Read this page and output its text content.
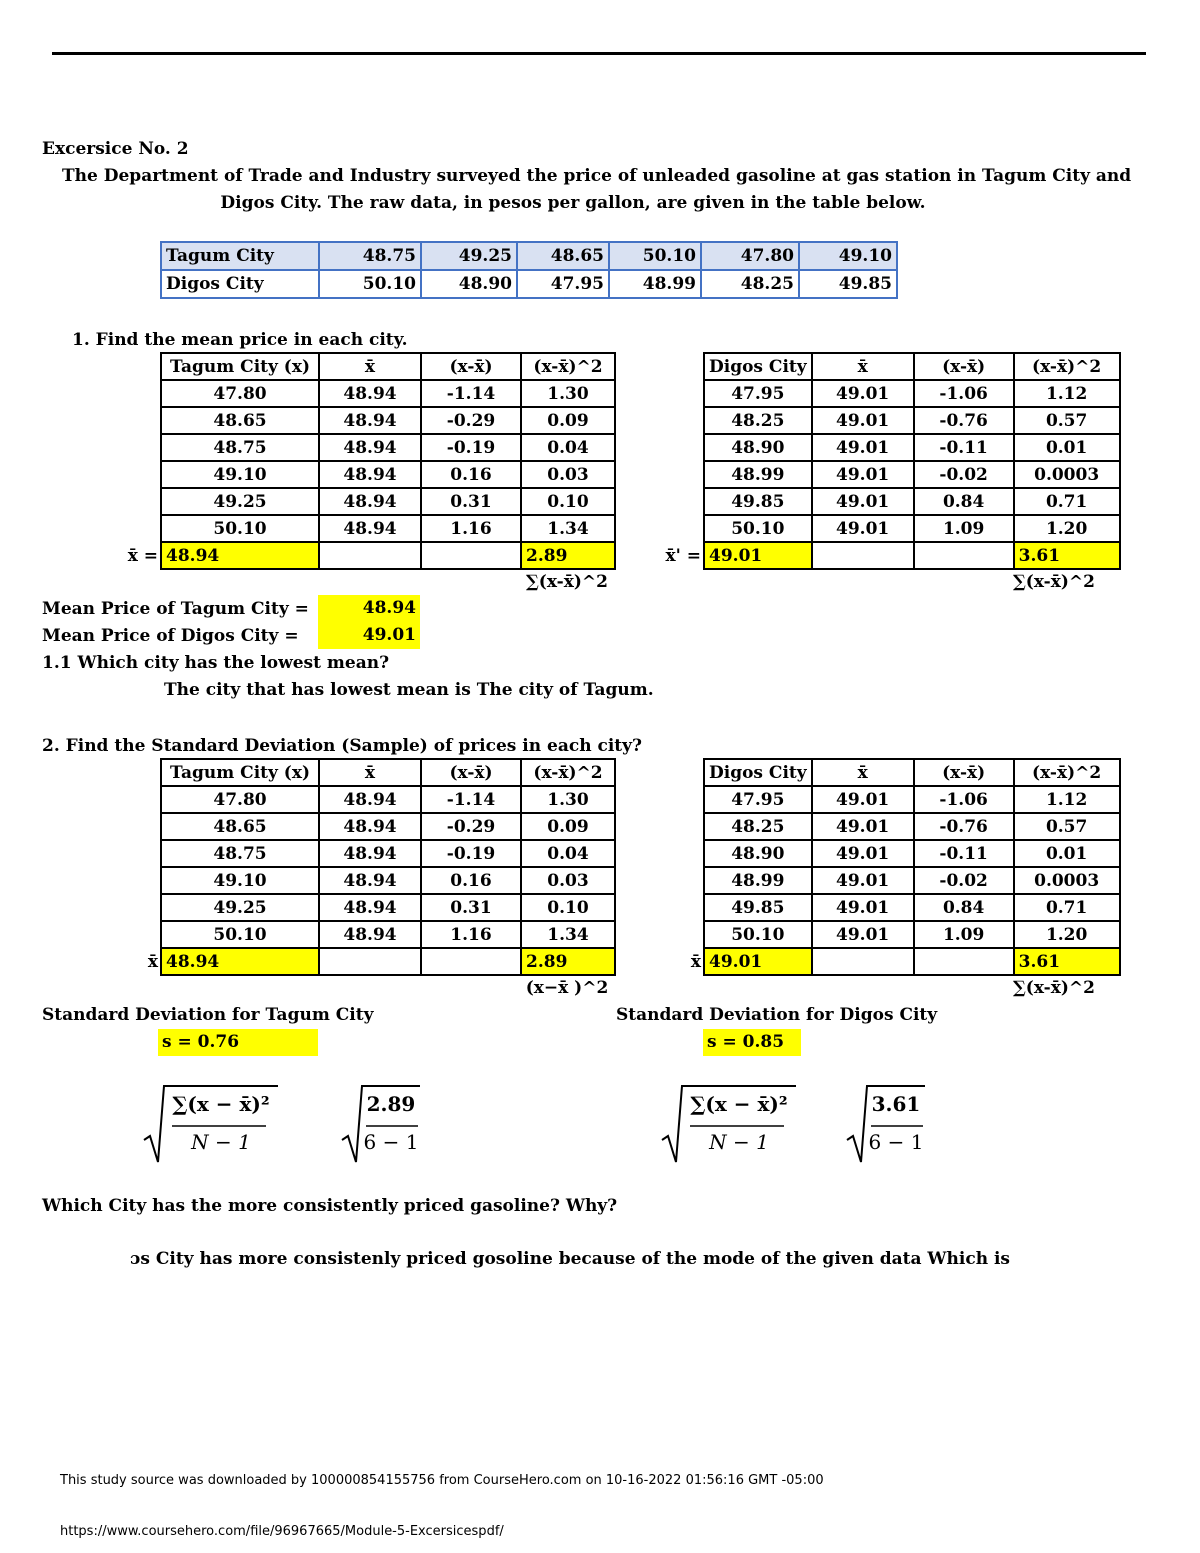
Excersice No. 2
The Department of Trade and Industry surveyed the price of unleaded gasoline at gas station in Tagum City and
Digos City. The raw data, in pesos per gallon, are given in the table below.
Tagum City	48.75	49.25	48.65	50.10	47.80	49.10
Digos City	50.10	48.90	47.95	48.99	48.25	49.85
1. Find the mean price in each city.
Tagum City (x)	x̄	(x-x̄)	(x-x̄)^2
47.80	48.94	-1.14	1.30
48.65	48.94	-0.29	0.09
48.75	48.94	-0.19	0.04
49.10	48.94	0.16	0.03
49.25	48.94	0.31	0.10
50.10	48.94	1.16	1.34
48.94			2.89
x̄ =
∑(x-x̄)^2
Digos City	x̄	(x-x̄)	(x-x̄)^2
47.95	49.01	-1.06	1.12
48.25	49.01	-0.76	0.57
48.90	49.01	-0.11	0.01
48.99	49.01	-0.02	0.0003
49.85	49.01	0.84	0.71
50.10	49.01	1.09	1.20
49.01			3.61
x̄' =
∑(x-x̄)^2
Mean Price of Tagum City =	48.94
Mean Price of Digos City =	49.01
1.1 Which city has the lowest mean?
The city that has lowest mean is The city of Tagum.
2. Find the Standard Deviation (Sample) of prices in each city?
Tagum City (x)	x̄	(x-x̄)	(x-x̄)^2
47.80	48.94	-1.14	1.30
48.65	48.94	-0.29	0.09
48.75	48.94	-0.19	0.04
49.10	48.94	0.16	0.03
49.25	48.94	0.31	0.10
50.10	48.94	1.16	1.34
48.94			2.89
x̄
(x−x̄ )^2
Digos City	x̄	(x-x̄)	(x-x̄)^2
47.95	49.01	-1.06	1.12
48.25	49.01	-0.76	0.57
48.90	49.01	-0.11	0.01
48.99	49.01	-0.02	0.0003
49.85	49.01	0.84	0.71
50.10	49.01	1.09	1.20
49.01			3.61
x̄
∑(x-x̄)^2
Standard Deviation for Tagum City
s = 0.76
Standard Deviation for Digos City
s = 0.85
∑(x − x̄)²
N − 1
2.89
6 − 1
∑(x − x̄)²
N − 1
3.61
6 − 1
Which City has the more consistently priced gasoline? Why?
ɔs City has more consistenly priced gosoline because of the mode of the given data Which is
This study source was downloaded by 100000854155756 from CourseHero.com on 10-16-2022 01:56:16 GMT -05:00
https://www.coursehero.com/file/96967665/Module-5-Excersicespdf/
